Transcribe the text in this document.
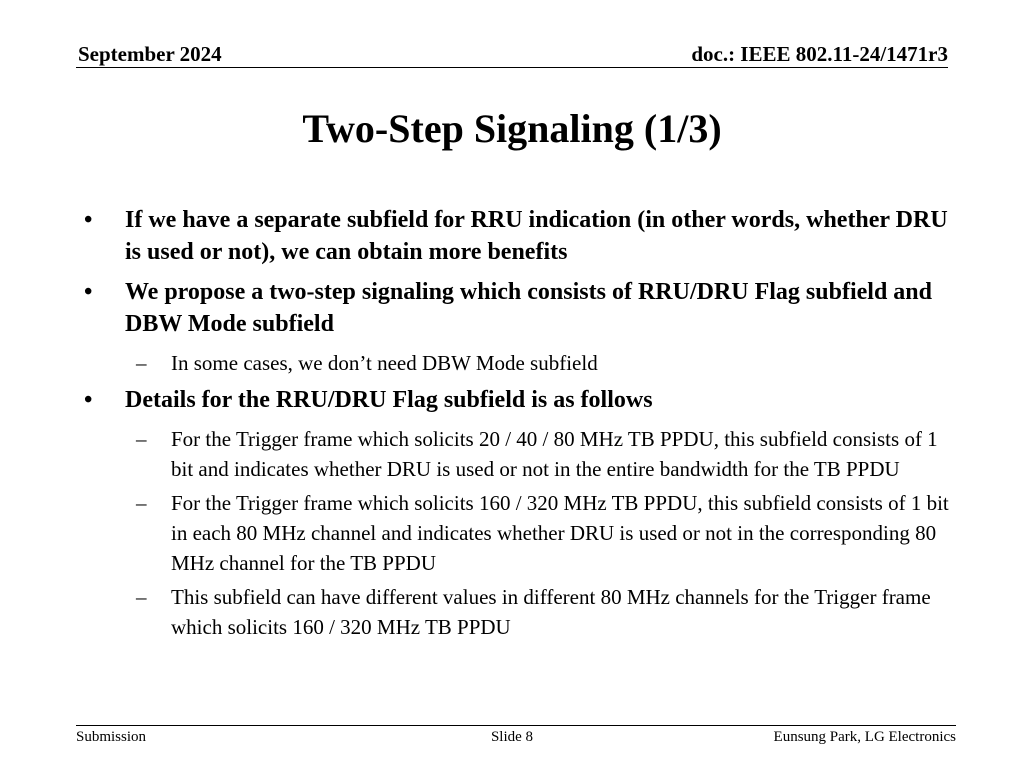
September 2024	doc.: IEEE 802.11-24/1471r3
Two-Step Signaling (1/3)
•	If we have a separate subfield for RRU indication (in other words, whether DRU is used or not), we can obtain more benefits
•	We propose a two-step signaling which consists of RRU/DRU Flag subfield and DBW Mode subfield
–	In some cases, we don’t need DBW Mode subfield
•	Details for the RRU/DRU Flag subfield is as follows
–	For the Trigger frame which solicits 20 / 40 / 80 MHz TB PPDU, this subfield consists of 1 bit and indicates whether DRU is used or not in the entire bandwidth for the TB PPDU
–	For the Trigger frame which solicits 160 / 320 MHz TB PPDU, this subfield consists of 1 bit in each 80 MHz channel and indicates whether DRU is used or not in the corresponding 80 MHz channel for the TB PPDU
–	This subfield can have different values in different 80 MHz channels for the Trigger frame which solicits 160 / 320 MHz TB PPDU
Submission	Slide 8	Eunsung Park, LG Electronics
